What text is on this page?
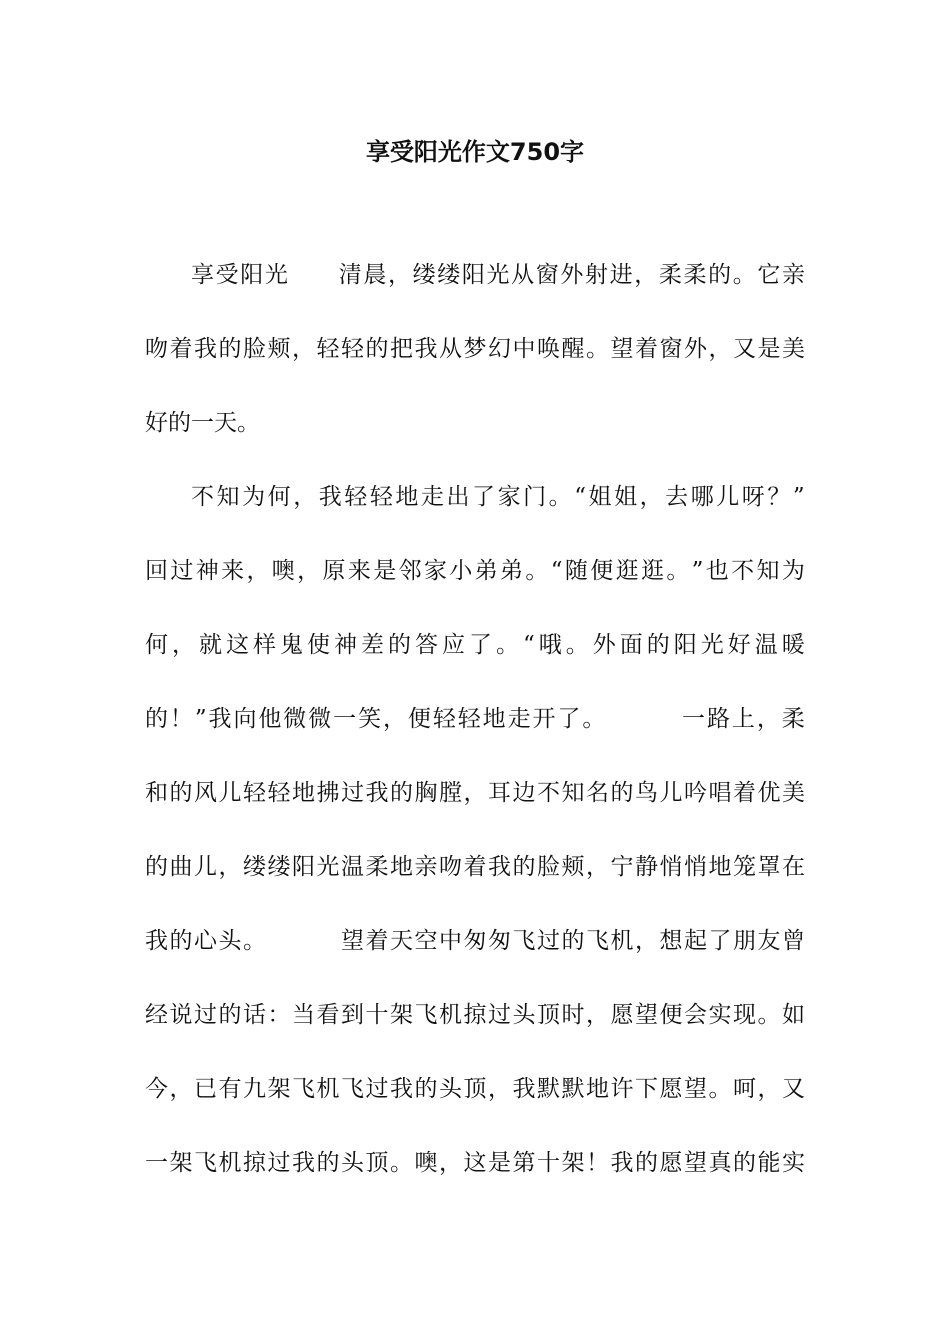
享受阳光作文750字
享 受 阳 光

　 清 晨 ， 缕 缕 阳 光 从 窗 外 射 进 ， 柔 柔 的 。 它 亲
吻 着 我 的 脸 颊 ， 轻 轻 的 把 我 从 梦 幻 中 唤 醒 。 望 着 窗 外 ， 又 是 美
好 的 一 天 。
不 知 为 何 ， 我 轻 轻 地 走 出 了 家 门 。 “ 姐 姐 ， 去 哪 儿 呀 ？ ”
回 过 神 来 ， 噢 ， 原 来 是 邻 家 小 弟 弟 。 “ 随 便 逛 逛 。 ” 也 不 知 为
何 ， 就 这 样 鬼 使 神 差 的 答 应 了 。 “ 哦 。 外 面 的 阳 光 好 温 暖
的 ！ ” 我 向 他 微 微 一 笑 ， 便 轻 轻 地 走 开 了 。

　	一 路 上 ， 柔
和 的 风 儿 轻 轻 地 拂 过 我 的 胸 膛 ， 耳 边 不 知 名 的 鸟 儿 吟 唱 着 优 美
的 曲 儿 ， 缕 缕 阳 光 温 柔 地 亲 吻 着 我 的 脸 颊 ， 宁 静 悄 悄 地 笼 罩 在
我 的 心 头 。

　	望 着 天 空 中 匆 匆 飞 过 的 飞 机 ， 想 起 了 朋 友 曾
经 说 过 的 话 ： 当 看 到 十 架 飞 机 掠 过 头 顶 时 ， 愿 望 便 会 实 现 。 如
今 ， 已 有 九 架 飞 机 飞 过 我 的 头 顶 ， 我 默 默 地 许 下 愿 望 。 呵 ， 又
一 架 飞 机 掠 过 我 的 头 顶 。 噢 ， 这 是 第 十 架 ！ 我 的 愿 望 真 的 能 实
